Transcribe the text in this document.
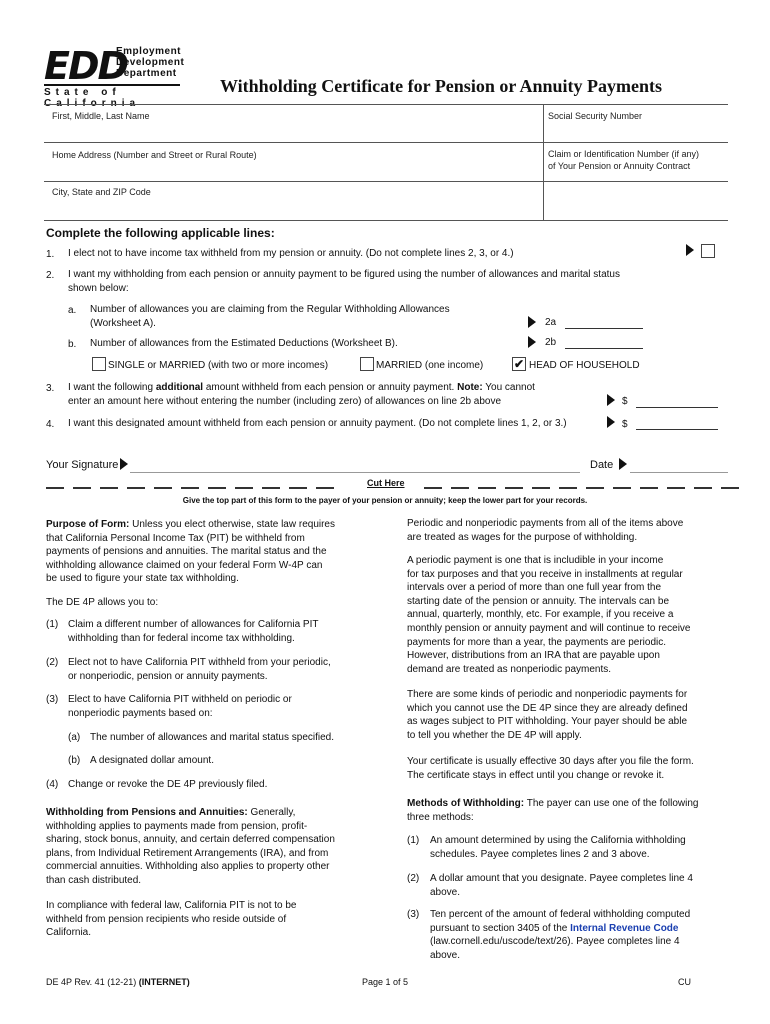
EDD
Employment
Development
Department
State of California
Withholding Certificate for Pension or Annuity Payments
First, Middle, Last Name	Social Security Number
Home Address (Number and Street or Rural Route)	Claim or Identification Number (if any)
of Your Pension or Annuity Contract
City, State and ZIP Code
Complete the following applicable lines:
1. I elect not to have income tax withheld from my pension or annuity. (Do not complete lines 2, 3, or 4.)
2. I want my withholding from each pension or annuity payment to be figured using the number of allowances and marital status
shown below:
a. Number of allowances you are claiming from the Regular Withholding Allowances
(Worksheet A).	2a
b. Number of allowances from the Estimated Deductions (Worksheet B).	2b
SINGLE or MARRIED (with two or more incomes)	MARRIED (one income)	✔ HEAD OF HOUSEHOLD
3. I want the following additional amount withheld from each pension or annuity payment. Note: You cannot
enter an amount here without entering the number (including zero) of allowances on line 2b above	$
4. I want this designated amount withheld from each pension or annuity payment. (Do not complete lines 1, 2, or 3.)	$
Your Signature	Date
Cut Here
Give the top part of this form to the payer of your pension or annuity; keep the lower part for your records.
Purpose of Form: Unless you elect otherwise, state law requires
that California Personal Income Tax (PIT) be withheld from
payments of pensions and annuities. The marital status and the
withholding allowance claimed on your federal Form W-4P can
be used to figure your state tax withholding.
The DE 4P allows you to:
(1) Claim a different number of allowances for California PIT
withholding than for federal income tax withholding.
(2) Elect not to have California PIT withheld from your periodic,
or nonperiodic, pension or annuity payments.
(3) Elect to have California PIT withheld on periodic or
nonperiodic payments based on:
(a) The number of allowances and marital status specified.
(b) A designated dollar amount.
(4) Change or revoke the DE 4P previously filed.
Withholding from Pensions and Annuities: Generally,
withholding applies to payments made from pension, profit-
sharing, stock bonus, annuity, and certain deferred compensation
plans, from Individual Retirement Arrangements (IRA), and from
commercial annuities. Withholding also applies to property other
than cash distributed.
In compliance with federal law, California PIT is not to be
withheld from pension recipients who reside outside of
California.
Periodic and nonperiodic payments from all of the items above
are treated as wages for the purpose of withholding.
A periodic payment is one that is includible in your income
for tax purposes and that you receive in installments at regular
intervals over a period of more than one full year from the
starting date of the pension or annuity. The intervals can be
annual, quarterly, monthly, etc. For example, if you receive a
monthly pension or annuity payment and will continue to receive
payments for more than a year, the payments are periodic.
However, distributions from an IRA that are payable upon
demand are treated as nonperiodic payments.
There are some kinds of periodic and nonperiodic payments for
which you cannot use the DE 4P since they are already defined
as wages subject to PIT withholding. Your payer should be able
to tell you whether the DE 4P will apply.
Your certificate is usually effective 30 days after you file the form.
The certificate stays in effect until you change or revoke it.
Methods of Withholding: The payer can use one of the following
three methods:
(1) An amount determined by using the California withholding
schedules. Payee completes lines 2 and 3 above.
(2) A dollar amount that you designate. Payee completes line 4
above.
(3) Ten percent of the amount of federal withholding computed
pursuant to section 3405 of the Internal Revenue Code
(law.cornell.edu/uscode/text/26). Payee completes line 4
above.
DE 4P Rev. 41 (12-21) (INTERNET)	Page 1 of 5	CU
